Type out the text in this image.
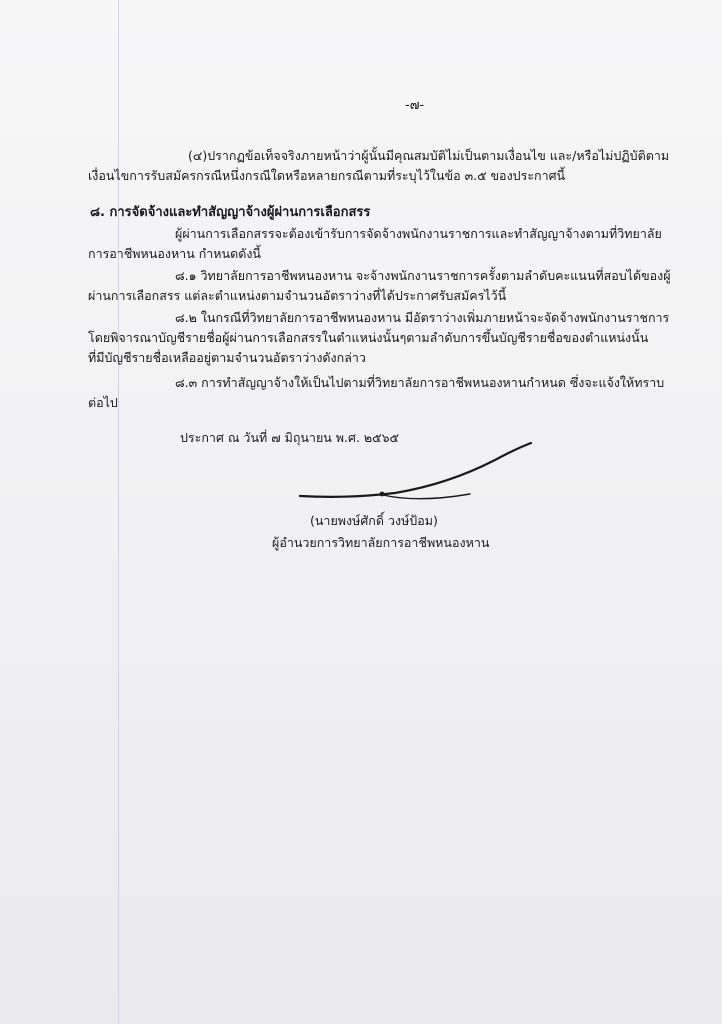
-๗-
(๔)ปรากฏข้อเท็จจริงภายหน้าว่าผู้นั้นมีคุณสมบัติไม่เป็นตามเงื่อนไข และ/หรือไม่ปฏิบัติตาม
เงื่อนไขการรับสมัครกรณีหนึ่งกรณีใดหรือหลายกรณีตามที่ระบุไว้ในข้อ ๓.๕ ของประกาศนี้
๘. การจัดจ้างและทำสัญญาจ้างผู้ผ่านการเลือกสรร
ผู้ผ่านการเลือกสรรจะต้องเข้ารับการจัดจ้างพนักงานราชการและทำสัญญาจ้างตามที่วิทยาลัย
การอาชีพหนองหาน กำหนดดังนี้
๘.๑ วิทยาลัยการอาชีพหนองหาน จะจ้างพนักงานราชการครั้งตามลำดับคะแนนที่สอบได้ของผู้
ผ่านการเลือกสรร แต่ละตำแหน่งตามจำนวนอัตราว่างที่ได้ประกาศรับสมัครไว้นี้
๘.๒ ในกรณีที่วิทยาลัยการอาชีพหนองหาน มีอัตราว่างเพิ่มภายหน้าจะจัดจ้างพนักงานราชการ
โดยพิจารณาบัญชีรายชื่อผู้ผ่านการเลือกสรรในตำแหน่งนั้นๆตามลำดับการขึ้นบัญชีรายชื่อของตำแหน่งนั้น
ที่มีบัญชีรายชื่อเหลืออยู่ตามจำนวนอัตราว่างดังกล่าว
๘.๓ การทำสัญญาจ้างให้เป็นไปตามที่วิทยาลัยการอาชีพหนองหานกำหนด ซึ่งจะแจ้งให้ทราบ
ต่อไป
ประกาศ ณ วันที่ ๗ มิถุนายน พ.ศ. ๒๕๖๕
(นายพงษ์ศักดิ์ วงษ์ป้อม)
ผู้อำนวยการวิทยาลัยการอาชีพหนองหาน
